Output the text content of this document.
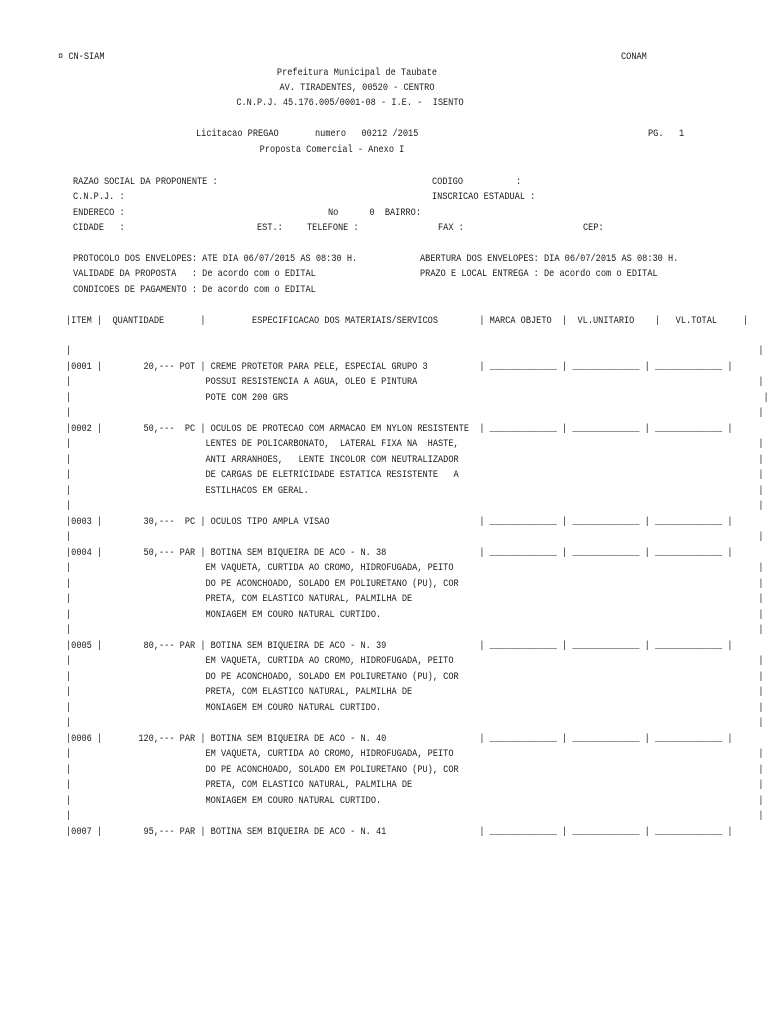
¤ CN-SIAM	CONAM
Prefeitura Municipal de Taubate
AV. TIRADENTES, 00520 - CENTRO
C.N.P.J. 45.176.005/0001-08 - I.E. -  ISENTO
Licitacao PREGAO	numero   00212 /2015	PG. 1
Proposta Comercial - Anexo I
RAZAO SOCIAL DA PROPONENTE :	CODIGO	:
C.N.P.J. :	INSCRICAO ESTADUAL :
ENDERECO :	No      0  BAIRRO:
CIDADE   :	EST.: TELEFONE :	FAX :	CEP:
PROTOCOLO DOS ENVELOPES: ATE DIA 06/07/2015 AS 08:30 H.	ABERTURA DOS ENVELOPES: DIA 06/07/2015 AS 08:30 H.
VALIDADE DA PROPOSTA   : De acordo com o EDITAL	PRAZO E LOCAL ENTREGA : De acordo com o EDITAL
CONDICOES DE PAGAMENTO : De acordo com o EDITAL
|ITEM |  QUANTIDADE       |         ESPECIFICACAO DOS MATERIAIS/SERVICOS        | MARCA OBJETO  |  VL.UNITARIO    |   VL.TOTAL     |
|                                                                                                                                     |
|0001 |        20,--- POT | CREME PROTETOR PARA PELE, ESPECIAL GRUPO 3          | _____________ | _____________ | _____________ |
|                          POSSUI RESISTENCIA A AGUA, OLEO E PINTURA                                                                  |
|                          POTE COM 200 GRS                                                                                            |
|                                                                                                                                     |
|0002 |        50,---  PC | OCULOS DE PROTECAO COM ARMACAO EM NYLON RESISTENTE  | _____________ | _____________ | _____________ |
|                          LENTES DE POLICARBONATO,  LATERAL FIXA NA  HASTE,                                                          |
|                          ANTI ARRANHOES,   LENTE INCOLOR COM NEUTRALIZADOR                                                          |
|                          DE CARGAS DE ELETRICIDADE ESTATICA RESISTENTE   A                                                          |
|                          ESTILHACOS EM GERAL.                                                                                       |
|                                                                                                                                     |
|0003 |        30,---  PC | OCULOS TIPO AMPLA VISAO                             | _____________ | _____________ | _____________ |
|                                                                                                                                     |
|0004 |        50,--- PAR | BOTINA SEM BIQUEIRA DE ACO - N. 38                  | _____________ | _____________ | _____________ |
|                          EM VAQUETA, CURTIDA AO CROMO, HIDROFUGADA, PEITO                                                           |
|                          DO PE ACONCHOADO, SOLADO EM POLIURETANO (PU), COR                                                          |
|                          PRETA, COM ELASTICO NATURAL, PALMILHA DE                                                                   |
|                          MONIAGEM EM COURO NATURAL CURTIDO.                                                                         |
|                                                                                                                                     |
|0005 |        80,--- PAR | BOTINA SEM BIQUEIRA DE ACO - N. 39                  | _____________ | _____________ | _____________ |
|                          EM VAQUETA, CURTIDA AO CROMO, HIDROFUGADA, PEITO                                                           |
|                          DO PE ACONCHOADO, SOLADO EM POLIURETANO (PU), COR                                                          |
|                          PRETA, COM ELASTICO NATURAL, PALMILHA DE                                                                   |
|                          MONIAGEM EM COURO NATURAL CURTIDO.                                                                         |
|                                                                                                                                     |
|0006 |       120,--- PAR | BOTINA SEM BIQUEIRA DE ACO - N. 40                  | _____________ | _____________ | _____________ |
|                          EM VAQUETA, CURTIDA AO CROMO, HIDROFUGADA, PEITO                                                           |
|                          DO PE ACONCHOADO, SOLADO EM POLIURETANO (PU), COR                                                          |
|                          PRETA, COM ELASTICO NATURAL, PALMILHA DE                                                                   |
|                          MONIAGEM EM COURO NATURAL CURTIDO.                                                                         |
|                                                                                                                                     |
|0007 |        95,--- PAR | BOTINA SEM BIQUEIRA DE ACO - N. 41                  | _____________ | _____________ | _____________ |
